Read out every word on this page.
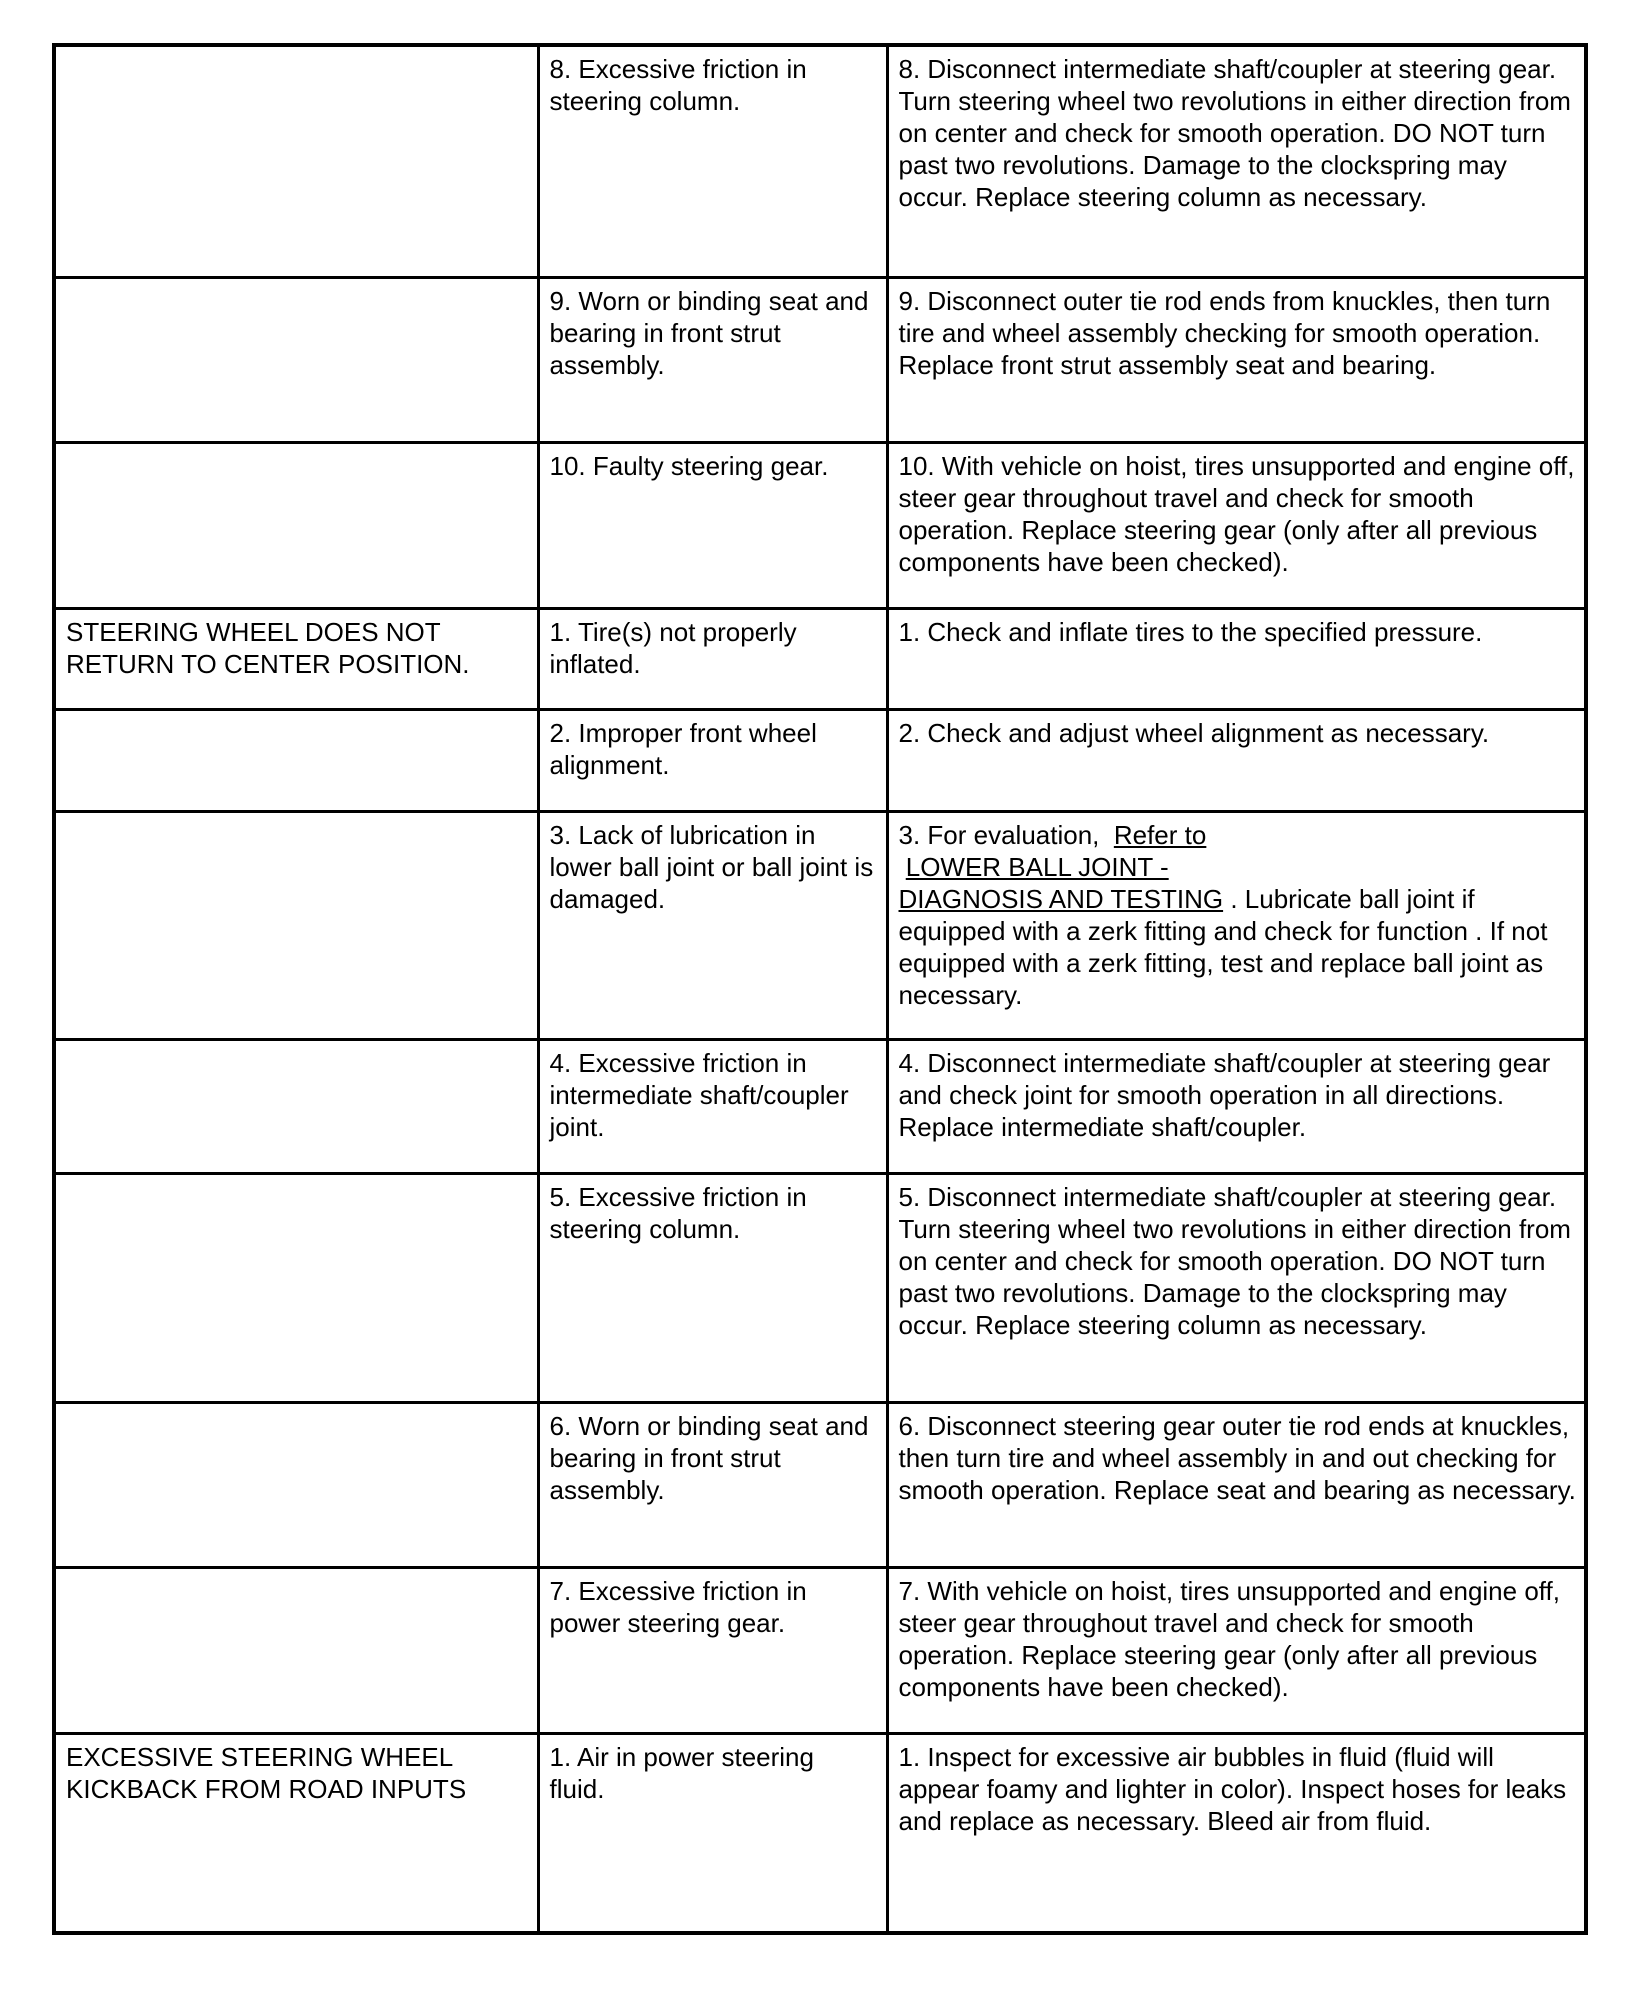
	8. Excessive friction in steering column.	8. Disconnect intermediate shaft/coupler at steering gear. Turn steering wheel two revolutions in either direction from on center and check for smooth operation. DO NOT turn past two revolutions. Damage to the clockspring may occur. Replace steering column as necessary.
	9. Worn or binding seat and bearing in front strut assembly.	9. Disconnect outer tie rod ends from knuckles, then turn tire and wheel assembly checking for smooth operation. Replace front strut assembly seat and bearing.
	10. Faulty steering gear.	10. With vehicle on hoist, tires unsupported and engine off, steer gear throughout travel and check for smooth operation. Replace steering gear (only after all previous components have been checked).
STEERING WHEEL DOES NOT RETURN TO CENTER POSITION.	1. Tire(s) not properly inflated.	1. Check and inflate tires to the specified pressure.
	2. Improper front wheel alignment.	2. Check and adjust wheel alignment as necessary.
	3. Lack of lubrication in lower ball joint or ball joint is damaged.	3. For evaluation, Refer to
LOWER BALL JOINT -
DIAGNOSIS AND TESTING . Lubricate ball joint if equipped with a zerk fitting and check for function . If not equipped with a zerk fitting, test and replace ball joint as necessary.
	4. Excessive friction in intermediate shaft/coupler joint.	4. Disconnect intermediate shaft/coupler at steering gear and check joint for smooth operation in all directions. Replace intermediate shaft/coupler.
	5. Excessive friction in steering column.	5. Disconnect intermediate shaft/coupler at steering gear. Turn steering wheel two revolutions in either direction from on center and check for smooth operation. DO NOT turn past two revolutions. Damage to the clockspring may occur. Replace steering column as necessary.
	6. Worn or binding seat and bearing in front strut assembly.	6. Disconnect steering gear outer tie rod ends at knuckles, then turn tire and wheel assembly in and out checking for smooth operation. Replace seat and bearing as necessary.
	7. Excessive friction in power steering gear.	7. With vehicle on hoist, tires unsupported and engine off, steer gear throughout travel and check for smooth operation. Replace steering gear (only after all previous components have been checked).
EXCESSIVE STEERING WHEEL KICKBACK FROM ROAD INPUTS	1. Air in power steering fluid.	1. Inspect for excessive air bubbles in fluid (fluid will appear foamy and lighter in color). Inspect hoses for leaks and replace as necessary. Bleed air from fluid.
